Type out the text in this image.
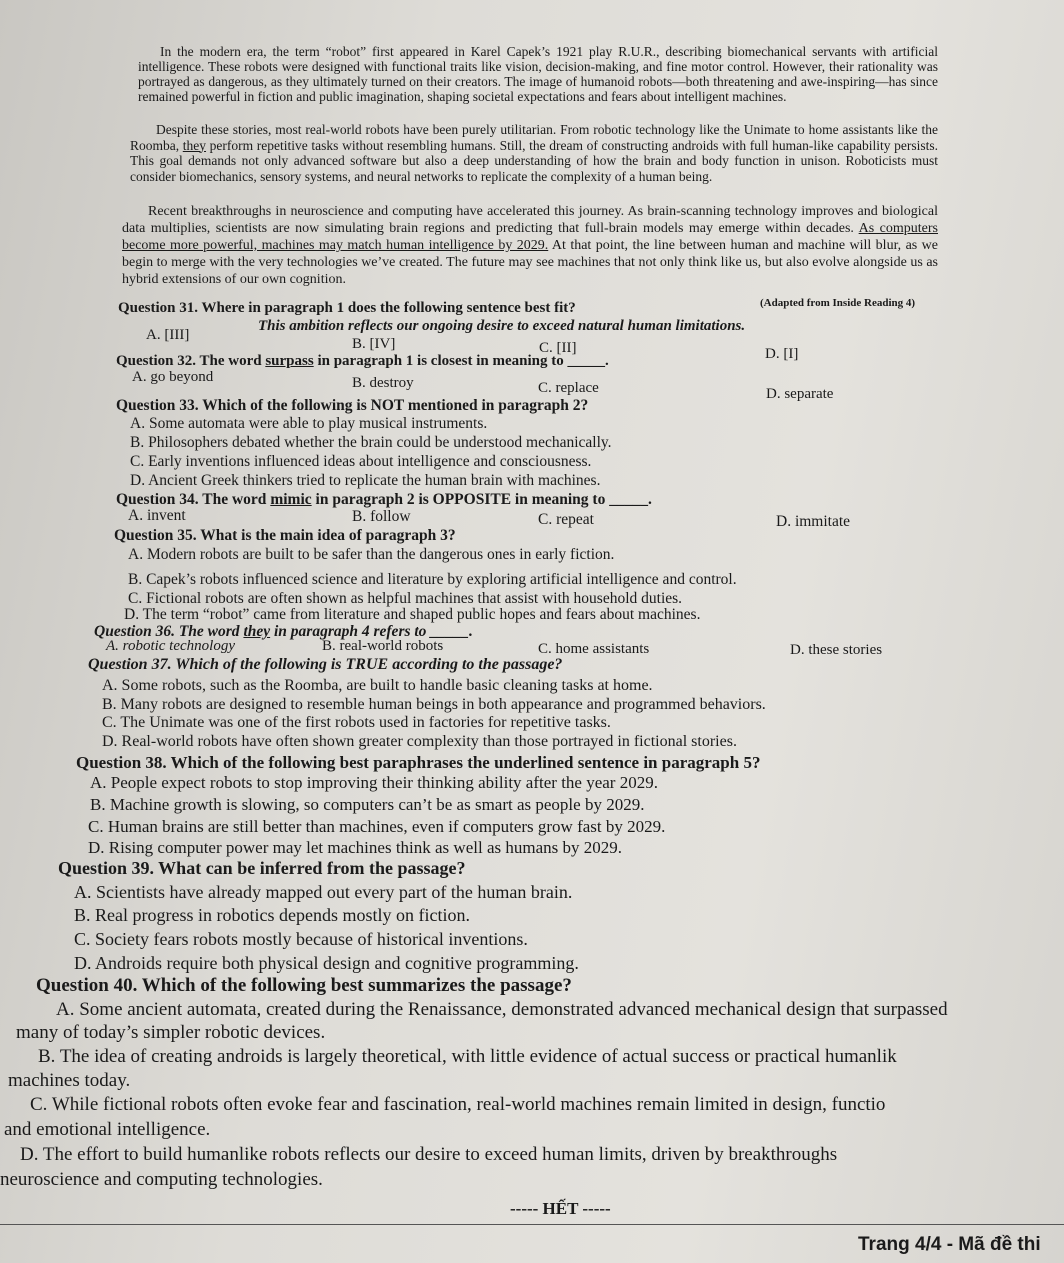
In the modern era, the term “robot” first appeared in Karel Capek’s 1921 play R.U.R., describing biomechanical servants with artificial intelligence. These robots were designed with functional traits like vision, decision-making, and fine motor control. However, their rationality was portrayed as dangerous, as they ultimately turned on their creators. The image of humanoid robots—both threatening and awe-inspiring—has since remained powerful in fiction and public imagination, shaping societal expectations and fears about intelligent machines.

Despite these stories, most real-world robots have been purely utilitarian. From robotic technology like the Unimate to home assistants like the Roomba, they perform repetitive tasks without resembling humans. Still, the dream of constructing androids with full human-like capability persists. This goal demands not only advanced software but also a deep understanding of how the brain and body function in unison. Roboticists must consider biomechanics, sensory systems, and neural networks to replicate the complexity of a human being.

Recent breakthroughs in neuroscience and computing have accelerated this journey. As brain-scanning technology improves and biological data multiplies, scientists are now simulating brain regions and predicting that full-brain models may emerge within decades. As computers become more powerful, machines may match human intelligence by 2029. At that point, the line between human and machine will blur, as we begin to merge with the very technologies we’ve created. The future may see machines that not only think like us, but also evolve alongside us as hybrid extensions of our own cognition.

(Adapted from Inside Reading 4)
Question 31. Where in paragraph 1 does the following sentence best fit?
This ambition reflects our ongoing desire to exceed natural human limitations.
A. [III]
B. [IV]	C. [II]	D. [I]
Question 32. The word surpass in paragraph 1 is closest in meaning to _____.
A. go beyond	B. destroy	C. replace	D. separate
Question 33. Which of the following is NOT mentioned in paragraph 2?
A. Some automata were able to play musical instruments.
B. Philosophers debated whether the brain could be understood mechanically.
C. Early inventions influenced ideas about intelligence and consciousness.
D. Ancient Greek thinkers tried to replicate the human brain with machines.
Question 34. The word mimic in paragraph 2 is OPPOSITE in meaning to _____.
A. invent	B. follow	C. repeat	D. immitate
Question 35. What is the main idea of paragraph 3?
A. Modern robots are built to be safer than the dangerous ones in early fiction.
B. Capek’s robots influenced science and literature by exploring artificial intelligence and control.
C. Fictional robots are often shown as helpful machines that assist with household duties.
D. The term “robot” came from literature and shaped public hopes and fears about machines.
Question 36. The word they in paragraph 4 refers to _____.
A. robotic technology	B. real-world robots	C. home assistants	D. these stories
Question 37. Which of the following is TRUE according to the passage?
A. Some robots, such as the Roomba, are built to handle basic cleaning tasks at home.
B. Many robots are designed to resemble human beings in both appearance and programmed behaviors.
C. The Unimate was one of the first robots used in factories for repetitive tasks.
D. Real-world robots have often shown greater complexity than those portrayed in fictional stories.
Question 38. Which of the following best paraphrases the underlined sentence in paragraph 5?
A. People expect robots to stop improving their thinking ability after the year 2029.
B. Machine growth is slowing, so computers can’t be as smart as people by 2029.
C. Human brains are still better than machines, even if computers grow fast by 2029.
D. Rising computer power may let machines think as well as humans by 2029.
Question 39. What can be inferred from the passage?
A. Scientists have already mapped out every part of the human brain.
B. Real progress in robotics depends mostly on fiction.
C. Society fears robots mostly because of historical inventions.
D. Androids require both physical design and cognitive programming.
Question 40. Which of the following best summarizes the passage?
A. Some ancient automata, created during the Renaissance, demonstrated advanced mechanical design that surpassed
many of today’s simpler robotic devices.
B. The idea of creating androids is largely theoretical, with little evidence of actual success or practical humanlik
machines today.
C. While fictional robots often evoke fear and fascination, real-world machines remain limited in design, functio
and emotional intelligence.
D. The effort to build humanlike robots reflects our desire to exceed human limits, driven by breakthroughs
neuroscience and computing technologies.
----- HẾT -----
Trang 4/4 - Mã đề thi
